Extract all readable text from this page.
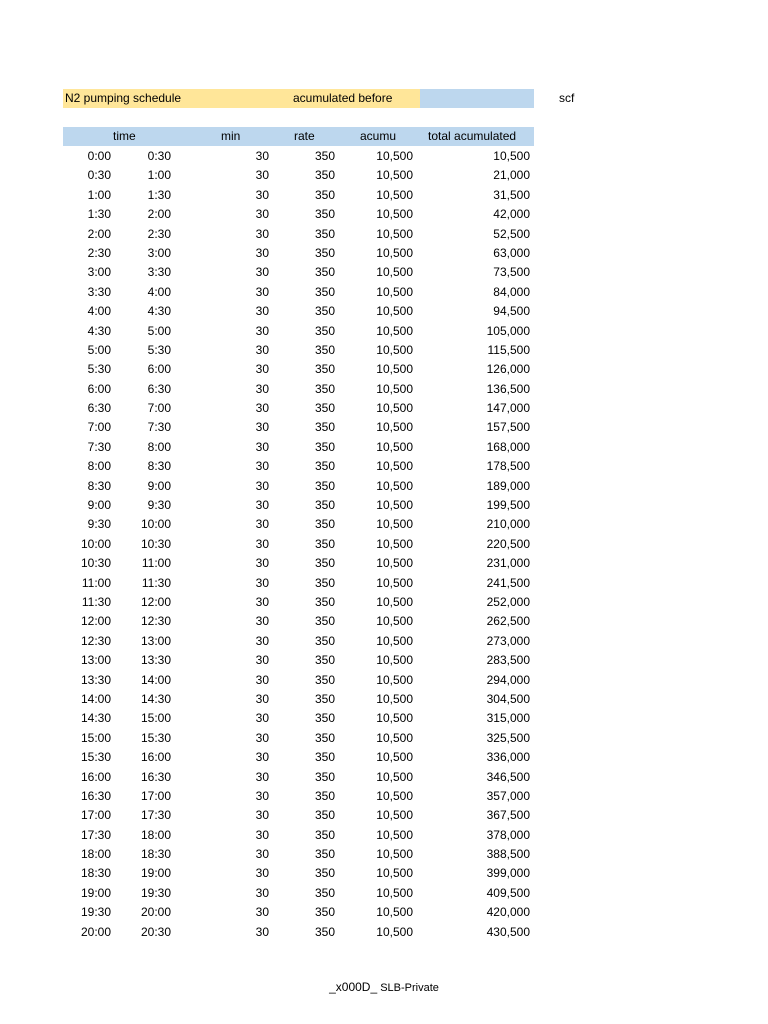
N2 pumping schedule	acumulated before	scf
time	min	rate	acumu	total acumulated
0:00	0:30	30	350	10,500	10,500
0:30	1:00	30	350	10,500	21,000
1:00	1:30	30	350	10,500	31,500
1:30	2:00	30	350	10,500	42,000
2:00	2:30	30	350	10,500	52,500
2:30	3:00	30	350	10,500	63,000
3:00	3:30	30	350	10,500	73,500
3:30	4:00	30	350	10,500	84,000
4:00	4:30	30	350	10,500	94,500
4:30	5:00	30	350	10,500	105,000
5:00	5:30	30	350	10,500	115,500
5:30	6:00	30	350	10,500	126,000
6:00	6:30	30	350	10,500	136,500
6:30	7:00	30	350	10,500	147,000
7:00	7:30	30	350	10,500	157,500
7:30	8:00	30	350	10,500	168,000
8:00	8:30	30	350	10,500	178,500
8:30	9:00	30	350	10,500	189,000
9:00	9:30	30	350	10,500	199,500
9:30	10:00	30	350	10,500	210,000
10:00	10:30	30	350	10,500	220,500
10:30	11:00	30	350	10,500	231,000
11:00	11:30	30	350	10,500	241,500
11:30	12:00	30	350	10,500	252,000
12:00	12:30	30	350	10,500	262,500
12:30	13:00	30	350	10,500	273,000
13:00	13:30	30	350	10,500	283,500
13:30	14:00	30	350	10,500	294,000
14:00	14:30	30	350	10,500	304,500
14:30	15:00	30	350	10,500	315,000
15:00	15:30	30	350	10,500	325,500
15:30	16:00	30	350	10,500	336,000
16:00	16:30	30	350	10,500	346,500
16:30	17:00	30	350	10,500	357,000
17:00	17:30	30	350	10,500	367,500
17:30	18:00	30	350	10,500	378,000
18:00	18:30	30	350	10,500	388,500
18:30	19:00	30	350	10,500	399,000
19:00	19:30	30	350	10,500	409,500
19:30	20:00	30	350	10,500	420,000
20:00	20:30	30	350	10,500	430,500
_x000D_ SLB-Private
